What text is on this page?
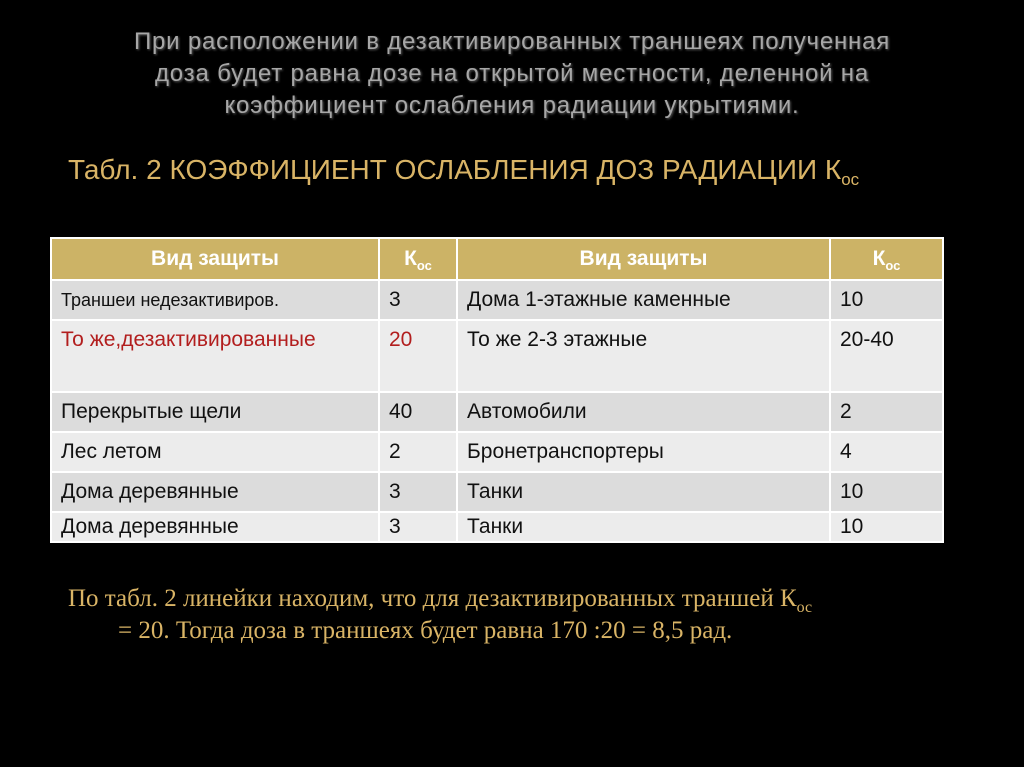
При расположении в дезактивированных траншеях полученная
доза будет равна дозе на открытой местности, деленной на
коэффициент ослабления радиации укрытиями.
Табл. 2 КОЭФФИЦИЕНТ ОСЛАБЛЕНИЯ ДОЗ РАДИАЦИИ $К_{ос}$
Вид защиты	$К_{ос}$	Вид защиты	$К_{ос}$
Траншеи недезактивиров.	3	Дома 1-этажные каменные	10
То же,дезактивированные	20	То же 2-3 этажные	20-40
Перекрытые щели	40	Автомобили	2
Лес летом	2	Бронетранспортеры	4
Дома деревянные	3	Танки	10
Дома деревянные	3	Танки	10
По табл. 2 линейки находим, что для дезактивированных траншей $К_{ос}$
= 20. Тогда доза в траншеях будет равна 170 :20 = 8,5 рад.
